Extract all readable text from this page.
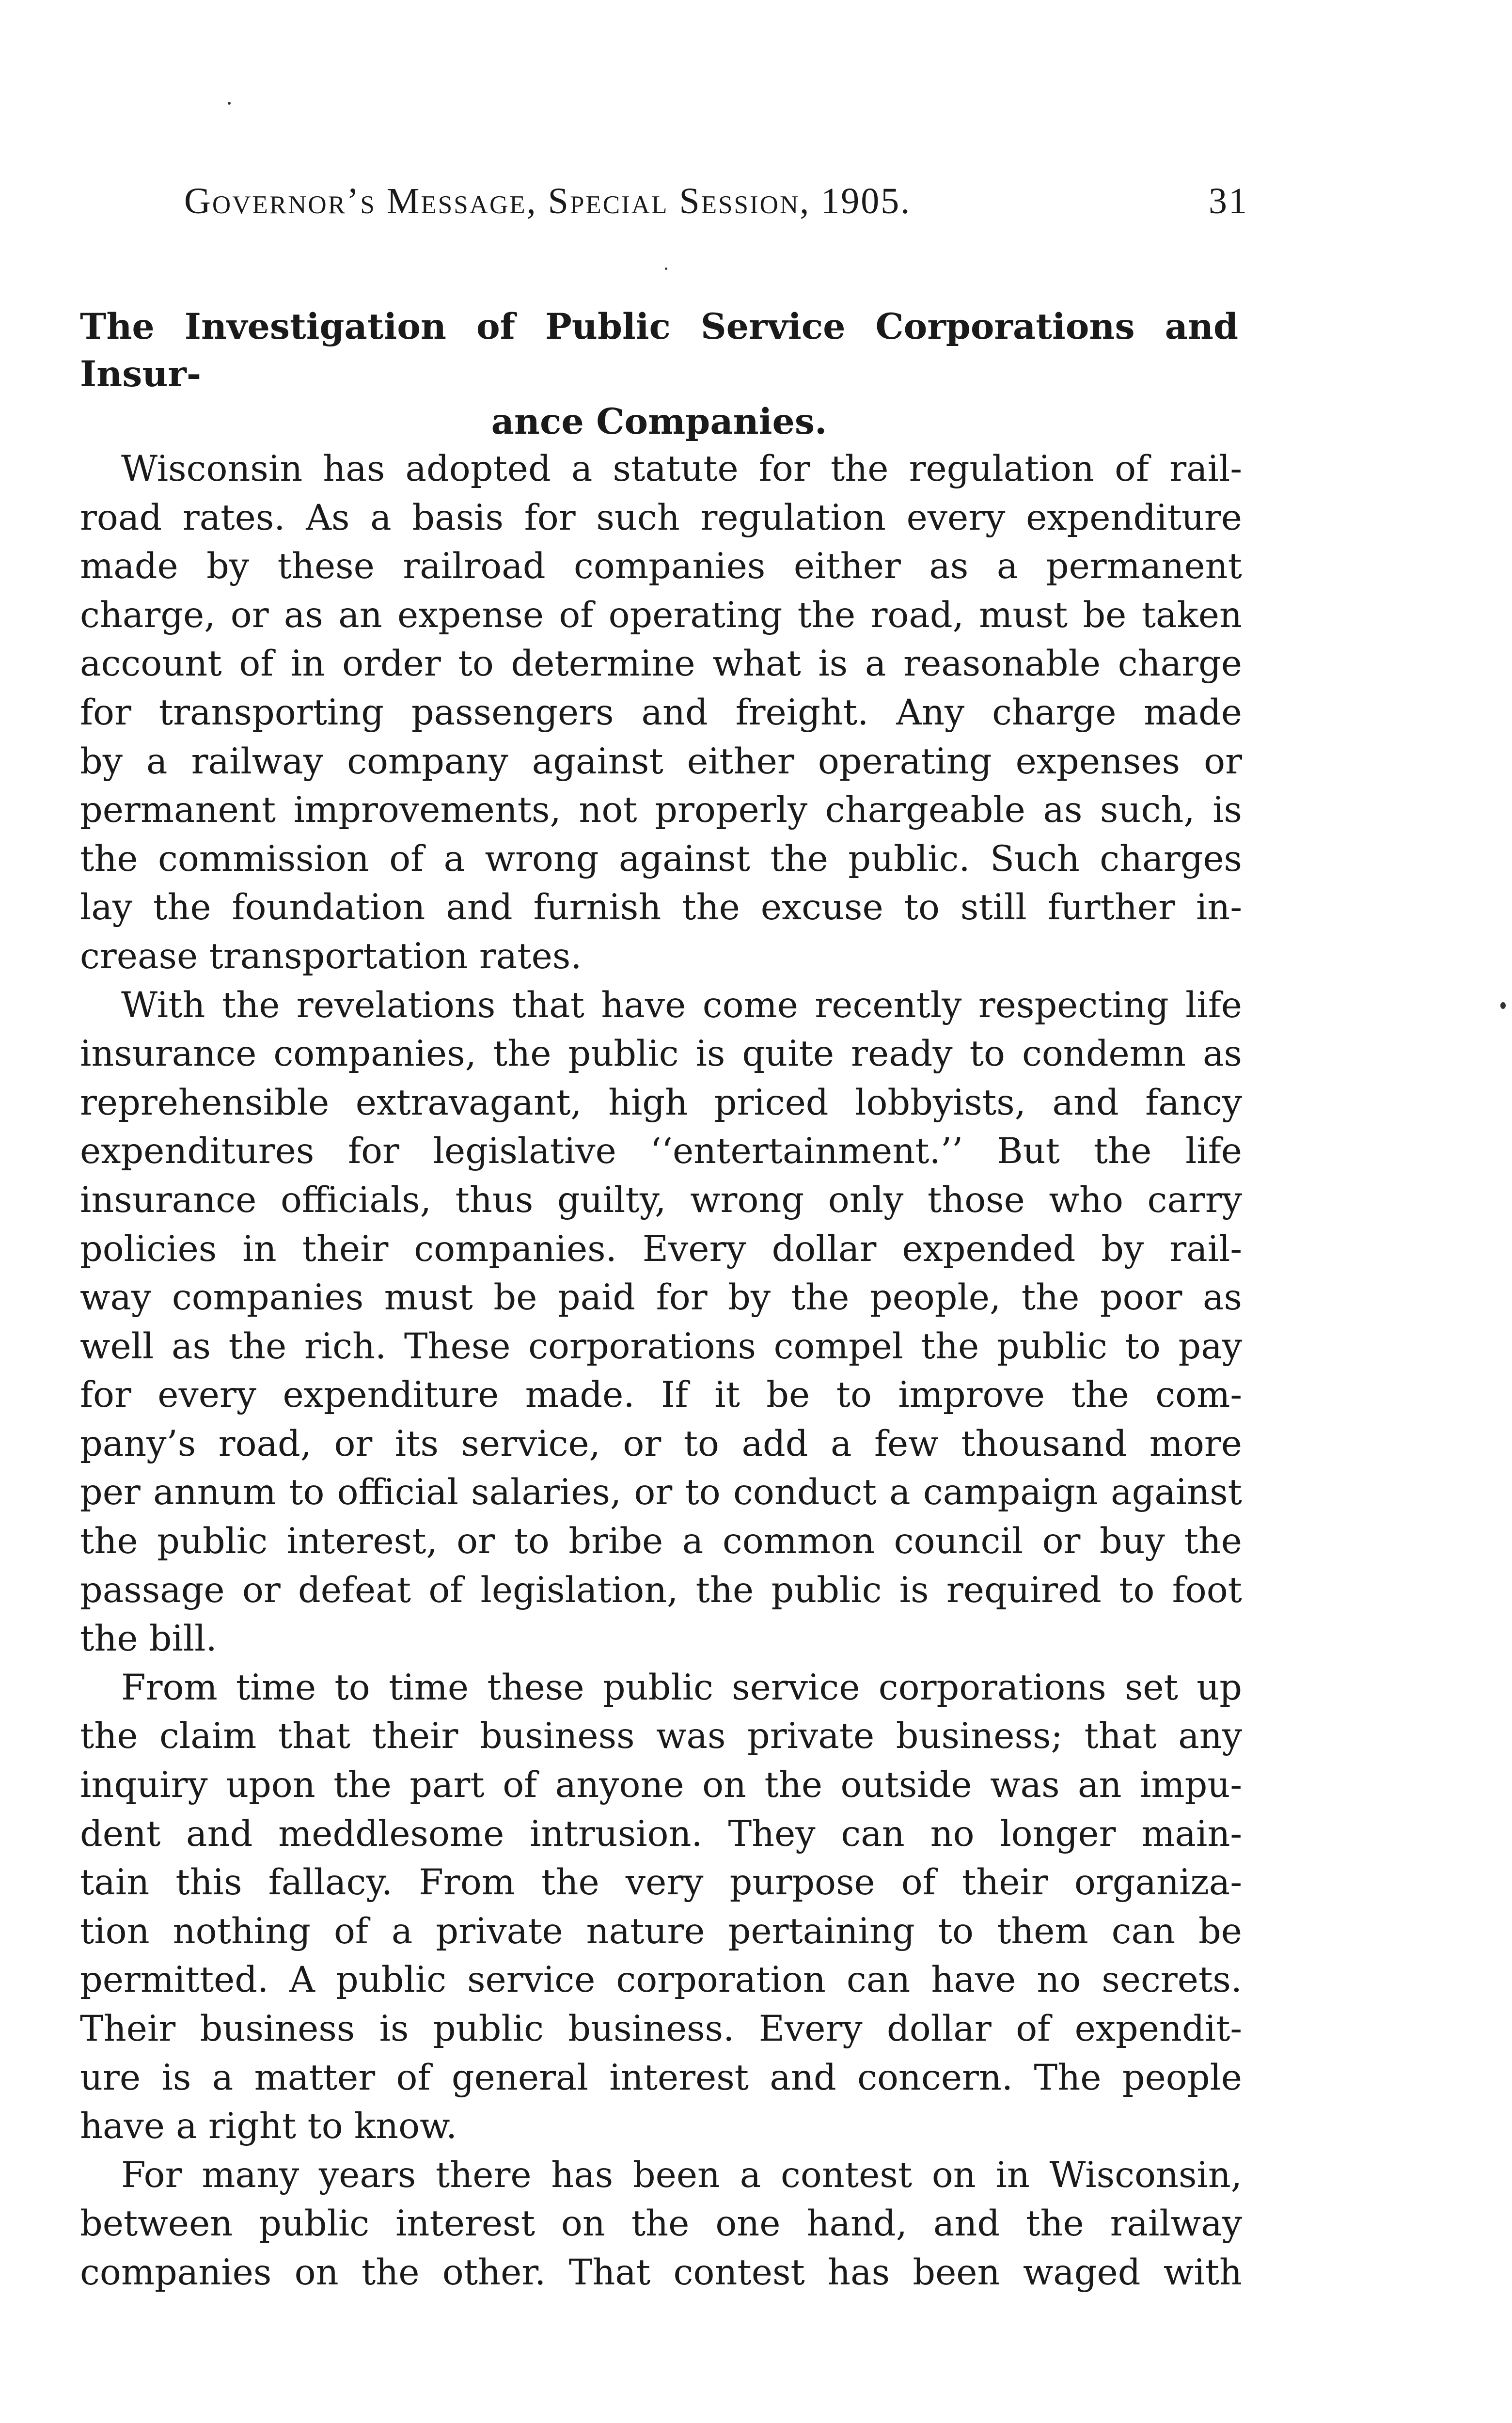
Governor’s Message, Special Session, 1905.	31
The Investigation of Public Service Corporations and Insur-
ance Companies.
Wisconsin has adopted a statute for the regulation of rail-
road rates. As a basis for such regulation every expenditure
made by these railroad companies either as a permanent
charge, or as an expense of operating the road, must be taken
account of in order to determine what is a reasonable charge
for transporting passengers and freight. Any charge made
by a railway company against either operating expenses or
permanent improvements, not properly chargeable as such, is
the commission of a wrong against the public. Such charges
lay the foundation and furnish the excuse to still further in-
crease transportation rates.
With the revelations that have come recently respecting life
insurance companies, the public is quite ready to condemn as
reprehensible extravagant, high priced lobbyists, and fancy
expenditures for legislative ‘‘entertainment.’’ But the life
insurance officials, thus guilty, wrong only those who carry
policies in their companies. Every dollar expended by rail-
way companies must be paid for by the people, the poor as
well as the rich. These corporations compel the public to pay
for every expenditure made. If it be to improve the com-
pany’s road, or its service, or to add a few thousand more
per annum to official salaries, or to conduct a campaign against
the public interest, or to bribe a common council or buy the
passage or defeat of legislation, the public is required to foot
the bill.
From time to time these public service corporations set up
the claim that their business was private business; that any
inquiry upon the part of anyone on the outside was an impu-
dent and meddlesome intrusion. They can no longer main-
tain this fallacy. From the very purpose of their organiza-
tion nothing of a private nature pertaining to them can be
permitted. A public service corporation can have no secrets.
Their business is public business. Every dollar of expendit-
ure is a matter of general interest and concern. The people
have a right to know.
For many years there has been a contest on in Wisconsin,
between public interest on the one hand, and the railway
companies on the other. That contest has been waged with
